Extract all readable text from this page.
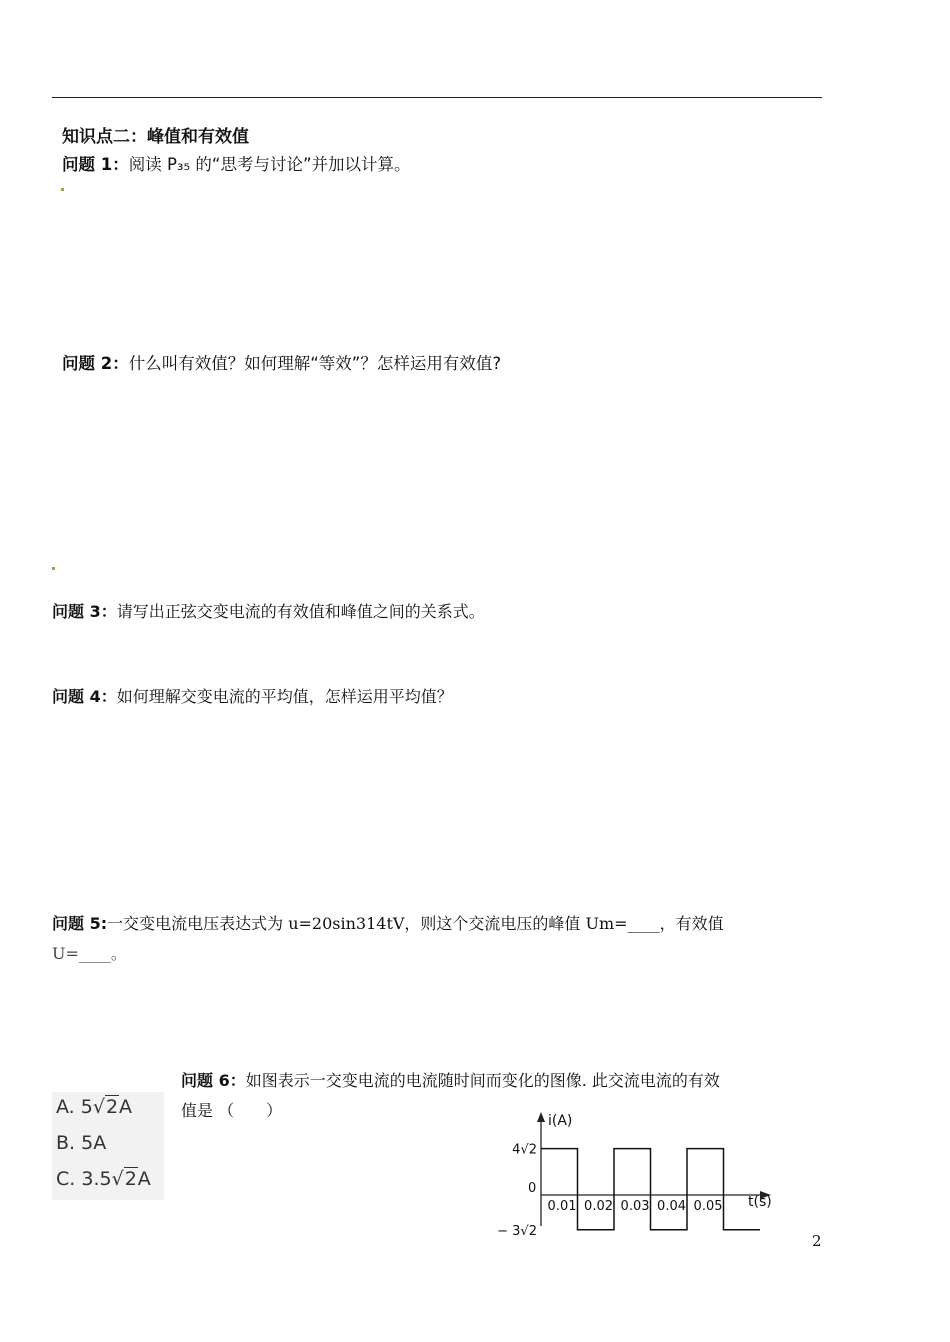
知识点二：峰值和有效值
问题 1：阅读 P₃₅ 的“思考与讨论”并加以计算。
问题 2：什么叫有效值？如何理解“等效”？怎样运用有效值?
问题 3：请写出正弦交变电流的有效值和峰值之间的关系式。
问题 4：如何理解交变电流的平均值，怎样运用平均值？
问题 5:一交变电流电压表达式为 u=20sin314tV，则这个交流电压的峰值 Um=____，有效值
U=____。
问题 6：如图表示一交变电流的电流随时间而变化的图像. 此交流电流的有效
值是 （　　）
A. 5√2A
B. 5A
C. 3.5√2A
i(A)
t(s)
0
4√2
− 3√2
0.01 0.02 0.03 0.04 0.05
2
